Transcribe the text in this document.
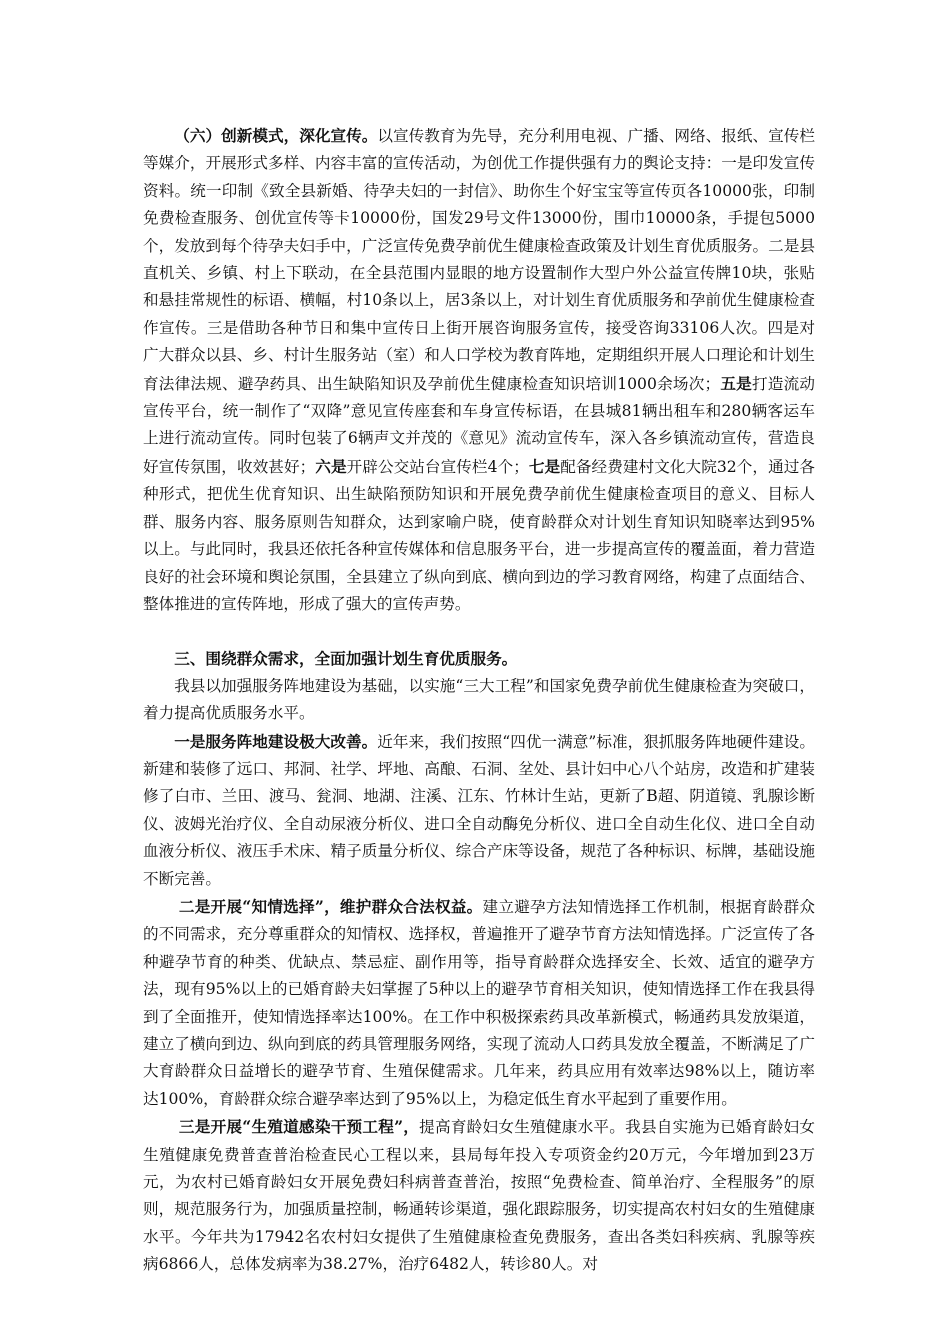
（六）创新模式，深化宣传。以宣传教育为先导，充分利用电视、广播、网络、报纸、宣传栏等媒介，开展形式多样、内容丰富的宣传活动，为创优工作提供强有力的舆论支持：一是印发宣传资料。统一印制《致全县新婚、待孕夫妇的一封信》、助你生个好宝宝等宣传页各10000张，印制免费检查服务、创优宣传等卡10000份，国发29号文件13000份，围巾10000条，手提包5000个，发放到每个待孕夫妇手中，广泛宣传免费孕前优生健康检查政策及计划生育优质服务。二是县直机关、乡镇、村上下联动，在全县范围内显眼的地方设置制作大型户外公益宣传牌10块，张贴和悬挂常规性的标语、横幅，村10条以上，居3条以上，对计划生育优质服务和孕前优生健康检查作宣传。三是借助各种节日和集中宣传日上街开展咨询服务宣传，接受咨询33106人次。四是对广大群众以县、乡、村计生服务站（室）和人口学校为教育阵地，定期组织开展人口理论和计划生育法律法规、避孕药具、出生缺陷知识及孕前优生健康检查知识培训1000余场次；五是打造流动宣传平台，统一制作了“双降”意见宣传座套和车身宣传标语，在县城81辆出租车和280辆客运车上进行流动宣传。同时包装了6辆声文并茂的《意见》流动宣传车，深入各乡镇流动宣传，营造良好宣传氛围，收效甚好；六是开辟公交站台宣传栏4个；七是配备经费建村文化大院32个，通过各种形式，把优生优育知识、出生缺陷预防知识和开展免费孕前优生健康检查项目的意义、目标人群、服务内容、服务原则告知群众，达到家喻户晓，使育龄群众对计划生育知识知晓率达到95%以上。与此同时，我县还依托各种宣传媒体和信息服务平台，进一步提高宣传的覆盖面，着力营造良好的社会环境和舆论氛围，全县建立了纵向到底、横向到边的学习教育网络，构建了点面结合、整体推进的宣传阵地，形成了强大的宣传声势。

三、围绕群众需求，全面加强计划生育优质服务。

我县以加强服务阵地建设为基础，以实施“三大工程”和国家免费孕前优生健康检查为突破口，着力提高优质服务水平。

一是服务阵地建设极大改善。近年来，我们按照“四优一满意”标准，狠抓服务阵地硬件建设。新建和装修了远口、邦洞、社学、坪地、高酿、石洞、坌处、县计妇中心八个站房，改造和扩建装修了白市、兰田、渡马、瓮洞、地湖、注溪、江东、竹林计生站，更新了B超、阴道镜、乳腺诊断仪、波姆光治疗仪、全自动尿液分析仪、进口全自动酶免分析仪、进口全自动生化仪、进口全自动血液分析仪、液压手术床、精子质量分析仪、综合产床等设备，规范了各种标识、标牌，基础设施不断完善。

二是开展“知情选择”，维护群众合法权益。建立避孕方法知情选择工作机制，根据育龄群众的不同需求，充分尊重群众的知情权、选择权，普遍推开了避孕节育方法知情选择。广泛宣传了各种避孕节育的种类、优缺点、禁忌症、副作用等，指导育龄群众选择安全、长效、适宜的避孕方法，现有95%以上的已婚育龄夫妇掌握了5种以上的避孕节育相关知识，使知情选择工作在我县得到了全面推开，使知情选择率达100%。在工作中积极探索药具改革新模式，畅通药具发放渠道，建立了横向到边、纵向到底的药具管理服务网络，实现了流动人口药具发放全覆盖，不断满足了广大育龄群众日益增长的避孕节育、生殖保健需求。几年来，药具应用有效率达98%以上，随访率达100%，育龄群众综合避孕率达到了95%以上，为稳定低生育水平起到了重要作用。

三是开展“生殖道感染干预工程”，提高育龄妇女生殖健康水平。我县自实施为已婚育龄妇女生殖健康免费普查普治检查民心工程以来，县局每年投入专项资金约20万元，今年增加到23万元，为农村已婚育龄妇女开展免费妇科病普查普治，按照“免费检查、简单治疗、全程服务”的原则，规范服务行为，加强质量控制，畅通转诊渠道，强化跟踪服务，切实提高农村妇女的生殖健康水平。今年共为17942名农村妇女提供了生殖健康检查免费服务，查出各类妇科疾病、乳腺等疾病6866人，总体发病率为38.27%，治疗6482人，转诊80人。对
